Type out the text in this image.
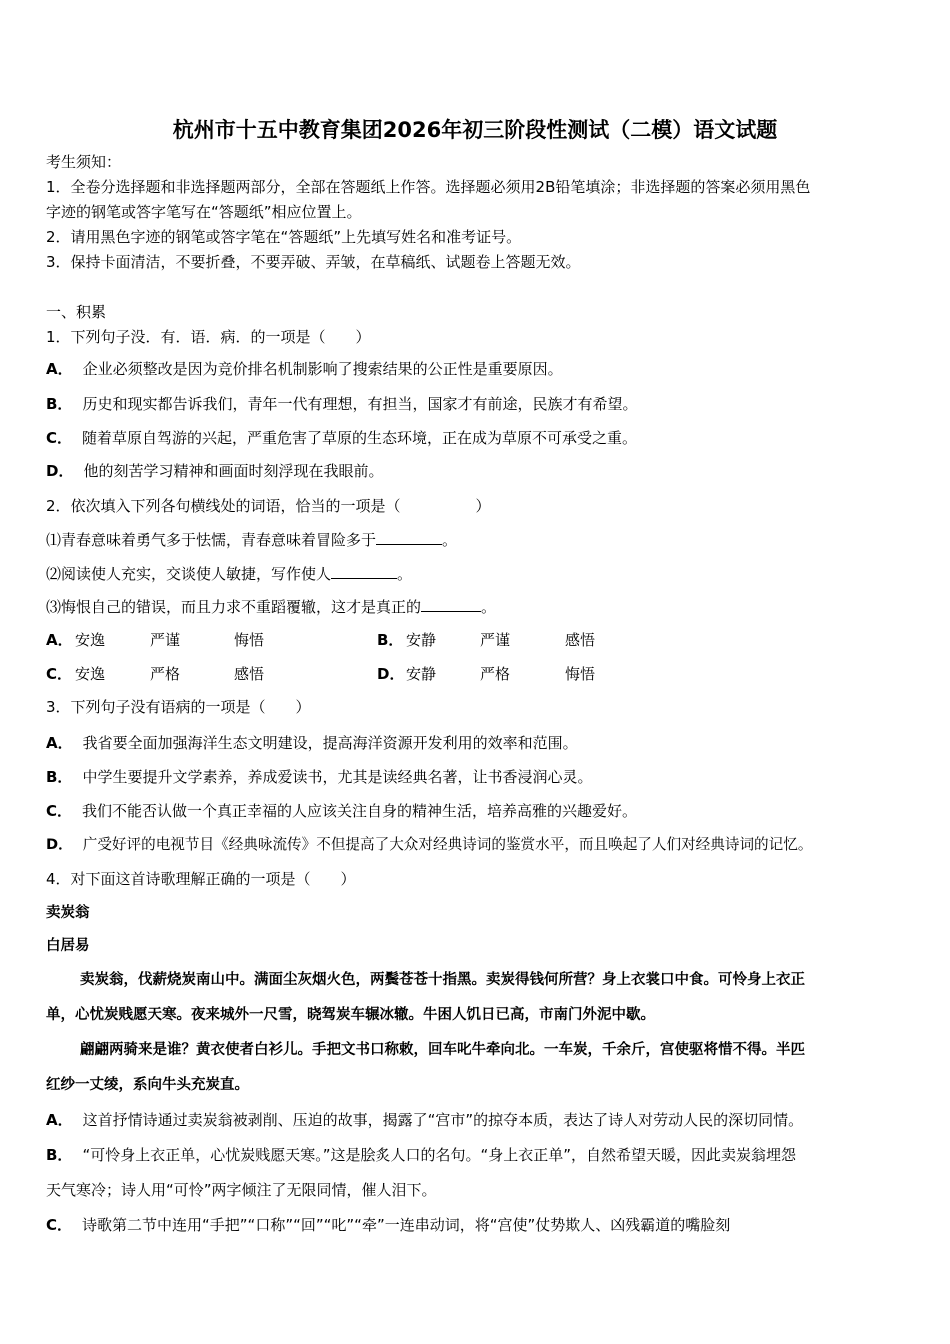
杭州市十五中教育集团2026年初三阶段性测试（二模）语文试题
考生须知：
1．全卷分选择题和非选择题两部分，全部在答题纸上作答。选择题必须用2B铅笔填涂；非选择题的答案必须用黑色
字迹的钢笔或答字笔写在“答题纸”相应位置上。
2．请用黑色字迹的钢笔或答字笔在“答题纸”上先填写姓名和准考证号。
3．保持卡面清洁，不要折叠，不要弄破、弄皱，在草稿纸、试题卷上答题无效。
一、积累
1．下列句子没．有．语．病．的一项是（　　）
A． 企业必须整改是因为竞价排名机制影响了搜索结果的公正性是重要原因。
B． 历史和现实都告诉我们，青年一代有理想，有担当，国家才有前途，民族才有希望。
C． 随着草原自驾游的兴起，严重危害了草原的生态环境，正在成为草原不可承受之重。
D． 他的刻苦学习精神和画面时刻浮现在我眼前。
2．依次填入下列各句横线处的词语，恰当的一项是（　　　　　）
⑴青春意味着勇气多于怯懦，青春意味着冒险多于	。
⑵阅读使人充实，交谈使人敏捷，写作使人	。
⑶悔恨自己的错误，而且力求不重蹈覆辙，这才是真正的	。
A． 安逸	严谨	悔悟	B． 安静	严谨	感悟
C． 安逸	严格	感悟	D． 安静	严格	悔悟
3．下列句子没有语病的一项是（　　）
A． 我省要全面加强海洋生态文明建设，提高海洋资源开发利用的效率和范围。
B． 中学生要提升文学素养，养成爱读书，尤其是读经典名著，让书香浸润心灵。
C． 我们不能否认做一个真正幸福的人应该关注自身的精神生活，培养高雅的兴趣爱好。
D． 广受好评的电视节目《经典咏流传》不但提高了大众对经典诗词的鉴赏水平，而且唤起了人们对经典诗词的记忆。
4．对下面这首诗歌理解正确的一项是（　　）
卖炭翁
白居易
卖炭翁，伐薪烧炭南山中。满面尘灰烟火色，两鬓苍苍十指黑。卖炭得钱何所营？身上衣裳口中食。可怜身上衣正
单，心忧炭贱愿天寒。夜来城外一尺雪，晓驾炭车辗冰辙。牛困人饥日已高，市南门外泥中歇。
翩翩两骑来是谁？黄衣使者白衫儿。手把文书口称敕，回车叱牛牵向北。一车炭，千余斤，宫使驱将惜不得。半匹
红纱一丈绫，系向牛头充炭直。
A． 这首抒情诗通过卖炭翁被剥削、压迫的故事，揭露了“宫市”的掠夺本质，表达了诗人对劳动人民的深切同情。
B． “可怜身上衣正单，心忧炭贱愿天寒。”这是脍炙人口的名句。“身上衣正单”，自然希望天暖，因此卖炭翁埋怨
天气寒冷；诗人用“可怜”两字倾注了无限同情，催人泪下。
C． 诗歌第二节中连用“手把”“口称”“回”“叱”“牵”一连串动词，将“宫使”仗势欺人、凶残霸道的嘴脸刻
